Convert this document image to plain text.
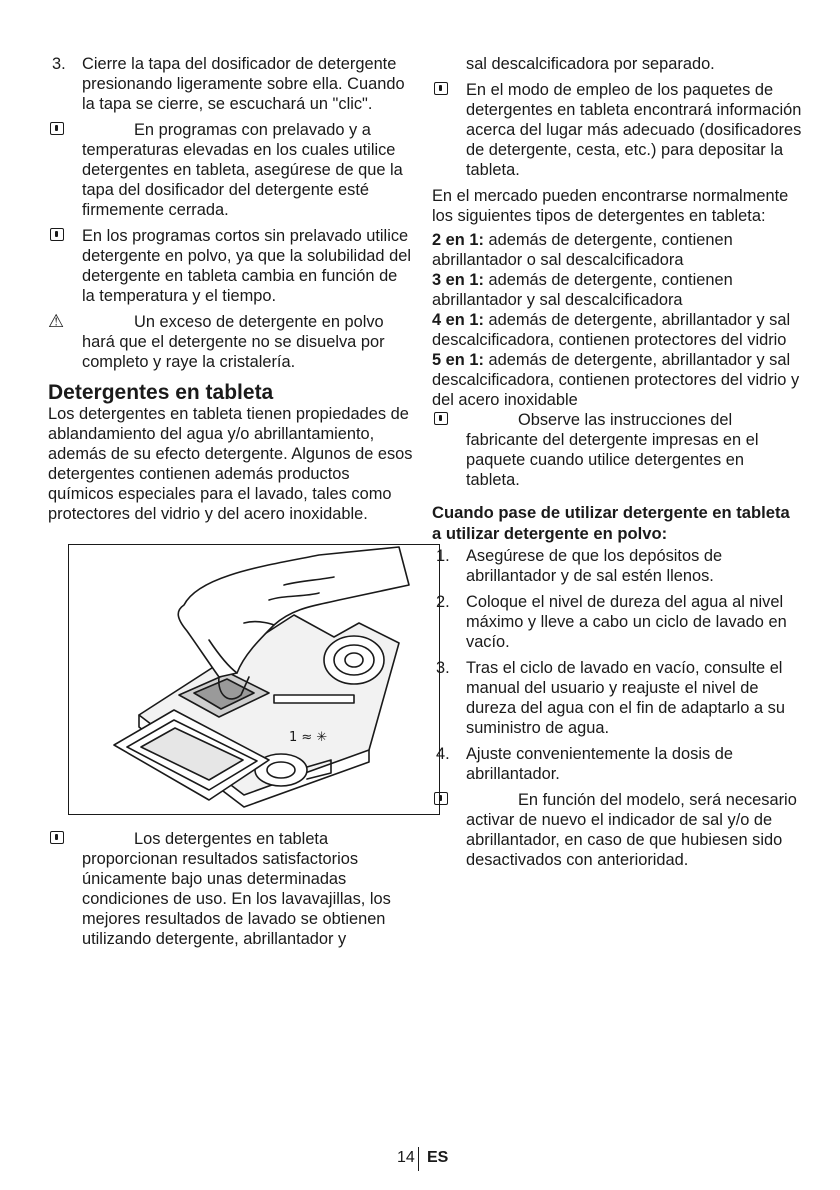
3. Cierre la tapa del dosificador de detergente presionando ligeramente sobre ella. Cuando la tapa se cierre, se escuchará un "clic".

En programas con prelavado y a temperaturas elevadas en los cuales utilice detergentes en tableta, asegúrese de que la tapa del dosificador del detergente esté firmemente cerrada.

En los programas cortos sin prelavado utilice detergente en polvo, ya que la solubilidad del detergente en tableta cambia en función de la temperatura y el tiempo.

⚠	Un exceso de detergente en polvo hará que el detergente no se disuelva por completo y raye la cristalería.

Detergentes en tableta

Los detergentes en tableta tienen propiedades de ablandamiento del agua y/o abrillantamiento, además de su efecto detergente. Algunos de esos detergentes contienen además productos químicos especiales para el lavado, tales como protectores del vidrio y del acero inoxidable.

1 ≈ ✳

Los detergentes en tableta proporcionan resultados satisfactorios únicamente bajo unas determinadas condiciones de uso. En los lavavajillas, los mejores resultados de lavado se obtienen utilizando detergente, abrillantador y

sal descalcificadora por separado.

En el modo de empleo de los paquetes de detergentes en tableta encontrará información acerca del lugar más adecuado (dosificadores de detergente, cesta, etc.) para depositar la tableta.

En el mercado pueden encontrarse normalmente los siguientes tipos de detergentes en tableta:

2 en 1: además de detergente, contienen abrillantador o sal descalcificadora

3 en 1: además de detergente, contienen abrillantador y sal descalcificadora

4 en 1: además de detergente, abrillantador y sal descalcificadora, contienen protectores del vidrio

5 en 1: además de detergente, abrillantador y sal descalcificadora, contienen protectores del vidrio y del acero inoxidable

Observe las instrucciones del fabricante del detergente impresas en el paquete cuando utilice detergentes en tableta.

Cuando pase de utilizar detergente en tableta a utilizar detergente en polvo:
1. Asegúrese de que los depósitos de abrillantador y de sal estén llenos.

2. Coloque el nivel de dureza del agua al nivel máximo y lleve a cabo un ciclo de lavado en vacío.

3. Tras el ciclo de lavado en vacío, consulte el manual del usuario y reajuste el nivel de dureza del agua con el fin de adaptarlo a su suministro de agua.

4. Ajuste convenientemente la dosis de abrillantador.

En función del modelo, será necesario activar de nuevo el indicador de sal y/o de abrillantador, en caso de que hubiesen sido desactivados con anterioridad.

14 ES
